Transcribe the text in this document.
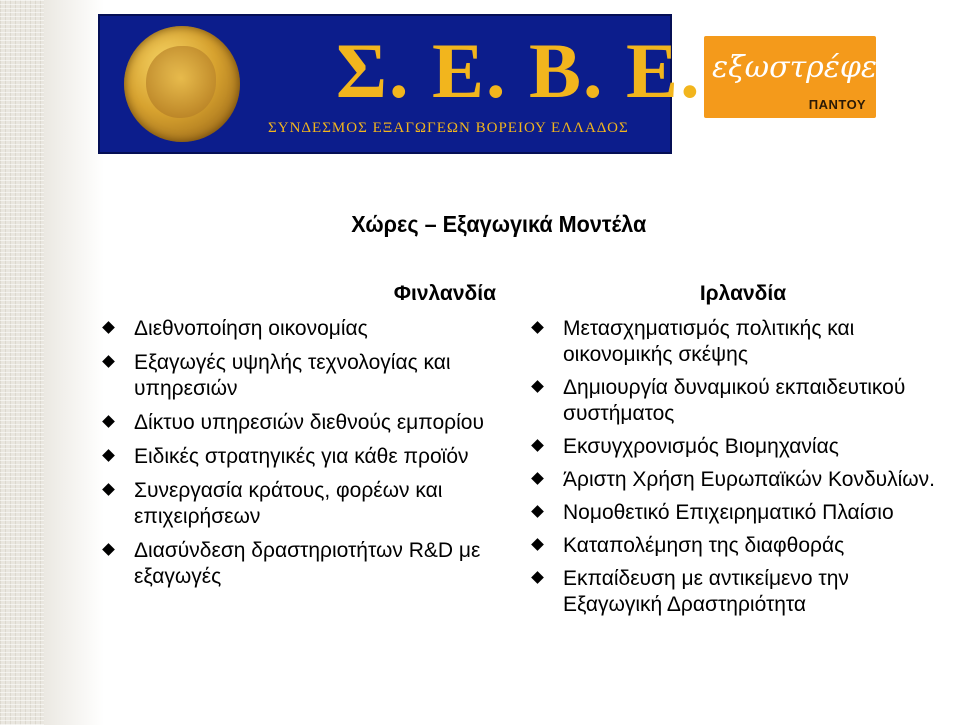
Σ. Ε. Β. Ε.
ΣΥΝΔΕΣΜΟΣ ΕΞΑΓΩΓΕΩΝ ΒΟΡΕΙΟΥ ΕΛΛΑΔΟΣ
εξωστρέφεια
ΠΑΝΤΟΥ
Χώρες – Εξαγωγικά Μοντέλα
Φινλανδία
Διεθνοποίηση οικονομίας
Εξαγωγές υψηλής τεχνολογίας και υπηρεσιών
Δίκτυο υπηρεσιών διεθνούς εμπορίου
Ειδικές στρατηγικές για κάθε προϊόν
Συνεργασία κράτους, φορέων και επιχειρήσεων
Διασύνδεση δραστηριοτήτων R&D με εξαγωγές
Ιρλανδία
Μετασχηματισμός πολιτικής και οικονομικής σκέψης
Δημιουργία δυναμικού εκπαιδευτικού συστήματος
Εκσυγχρονισμός Βιομηχανίας
Άριστη Χρήση Ευρωπαϊκών Κονδυλίων.
Νομοθετικό Επιχειρηματικό Πλαίσιο
Καταπολέμηση της διαφθοράς
Εκπαίδευση με αντικείμενο την Εξαγωγική Δραστηριότητα
